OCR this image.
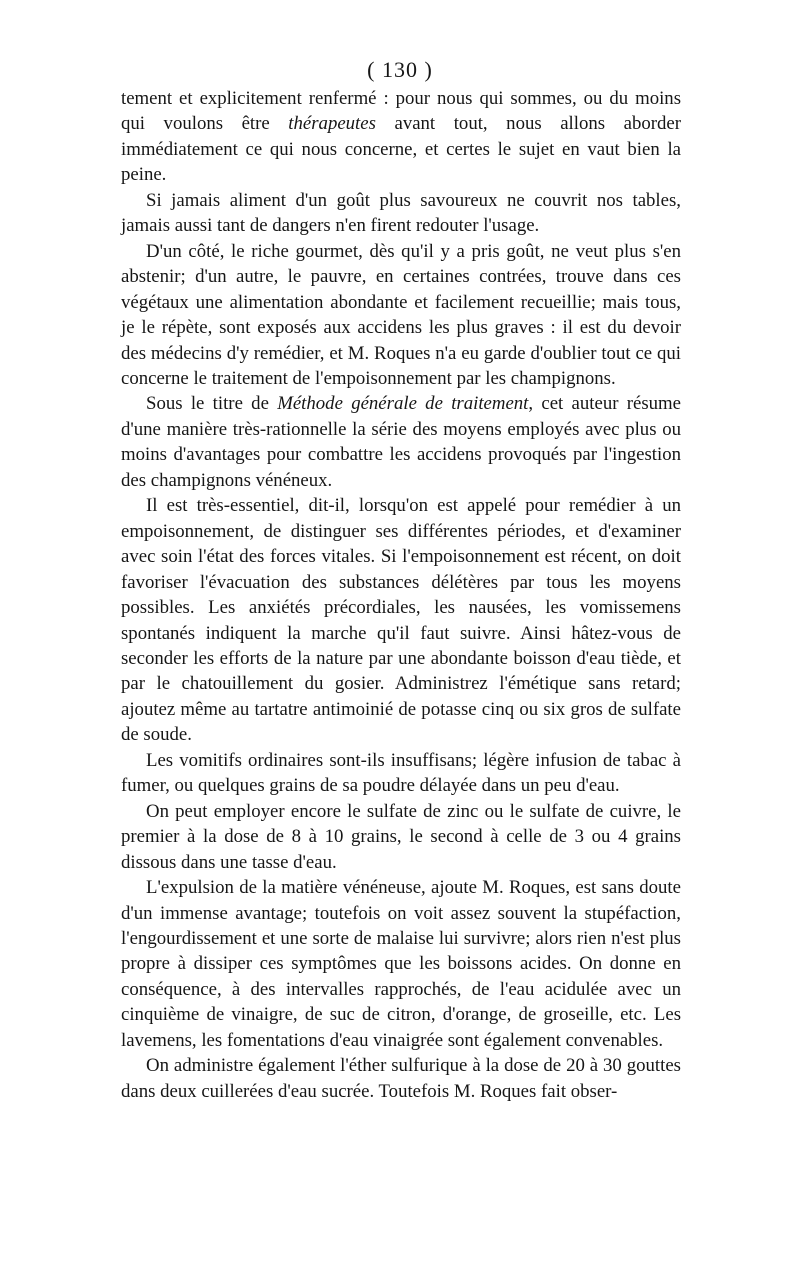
( 130 )

tement et explicitement renfermé : pour nous qui sommes, ou du moins qui voulons être thérapeutes avant tout, nous allons aborder immédiatement ce qui nous concerne, et certes le sujet en vaut bien la peine.

Si jamais aliment d'un goût plus savoureux ne couvrit nos tables, jamais aussi tant de dangers n'en firent redouter l'usage.

D'un côté, le riche gourmet, dès qu'il y a pris goût, ne veut plus s'en abstenir; d'un autre, le pauvre, en certaines contrées, trouve dans ces végétaux une alimentation abondante et facilement recueillie; mais tous, je le répète, sont exposés aux accidens les plus graves : il est du devoir des médecins d'y remédier, et M. Roques n'a eu garde d'oublier tout ce qui concerne le traitement de l'empoisonnement par les champignons.

Sous le titre de Méthode générale de traitement, cet auteur résume d'une manière très-rationnelle la série des moyens employés avec plus ou moins d'avantages pour combattre les accidens provoqués par l'ingestion des champignons vénéneux.

Il est très-essentiel, dit-il, lorsqu'on est appelé pour remédier à un empoisonnement, de distinguer ses différentes périodes, et d'examiner avec soin l'état des forces vitales. Si l'empoisonnement est récent, on doit favoriser l'évacuation des substances délétères par tous les moyens possibles. Les anxiétés précordiales, les nausées, les vomissemens spontanés indiquent la marche qu'il faut suivre. Ainsi hâtez-vous de seconder les efforts de la nature par une abondante boisson d'eau tiède, et par le chatouillement du gosier. Administrez l'émétique sans retard; ajoutez même au tartatre antimoinié de potasse cinq ou six gros de sulfate de soude.

Les vomitifs ordinaires sont-ils insuffisans; légère infusion de tabac à fumer, ou quelques grains de sa poudre délayée dans un peu d'eau.

On peut employer encore le sulfate de zinc ou le sulfate de cuivre, le premier à la dose de 8 à 10 grains, le second à celle de 3 ou 4 grains dissous dans une tasse d'eau.

L'expulsion de la matière vénéneuse, ajoute M. Roques, est sans doute d'un immense avantage; toutefois on voit assez souvent la stupéfaction, l'engourdissement et une sorte de malaise lui survivre; alors rien n'est plus propre à dissiper ces symptômes que les boissons acides. On donne en conséquence, à des intervalles rapprochés, de l'eau acidulée avec un cinquième de vinaigre, de suc de citron, d'orange, de groseille, etc. Les lavemens, les fomentations d'eau vinaigrée sont également convenables.

On administre également l'éther sulfurique à la dose de 20 à 30 gouttes dans deux cuillerées d'eau sucrée. Toutefois M. Roques fait obser-
